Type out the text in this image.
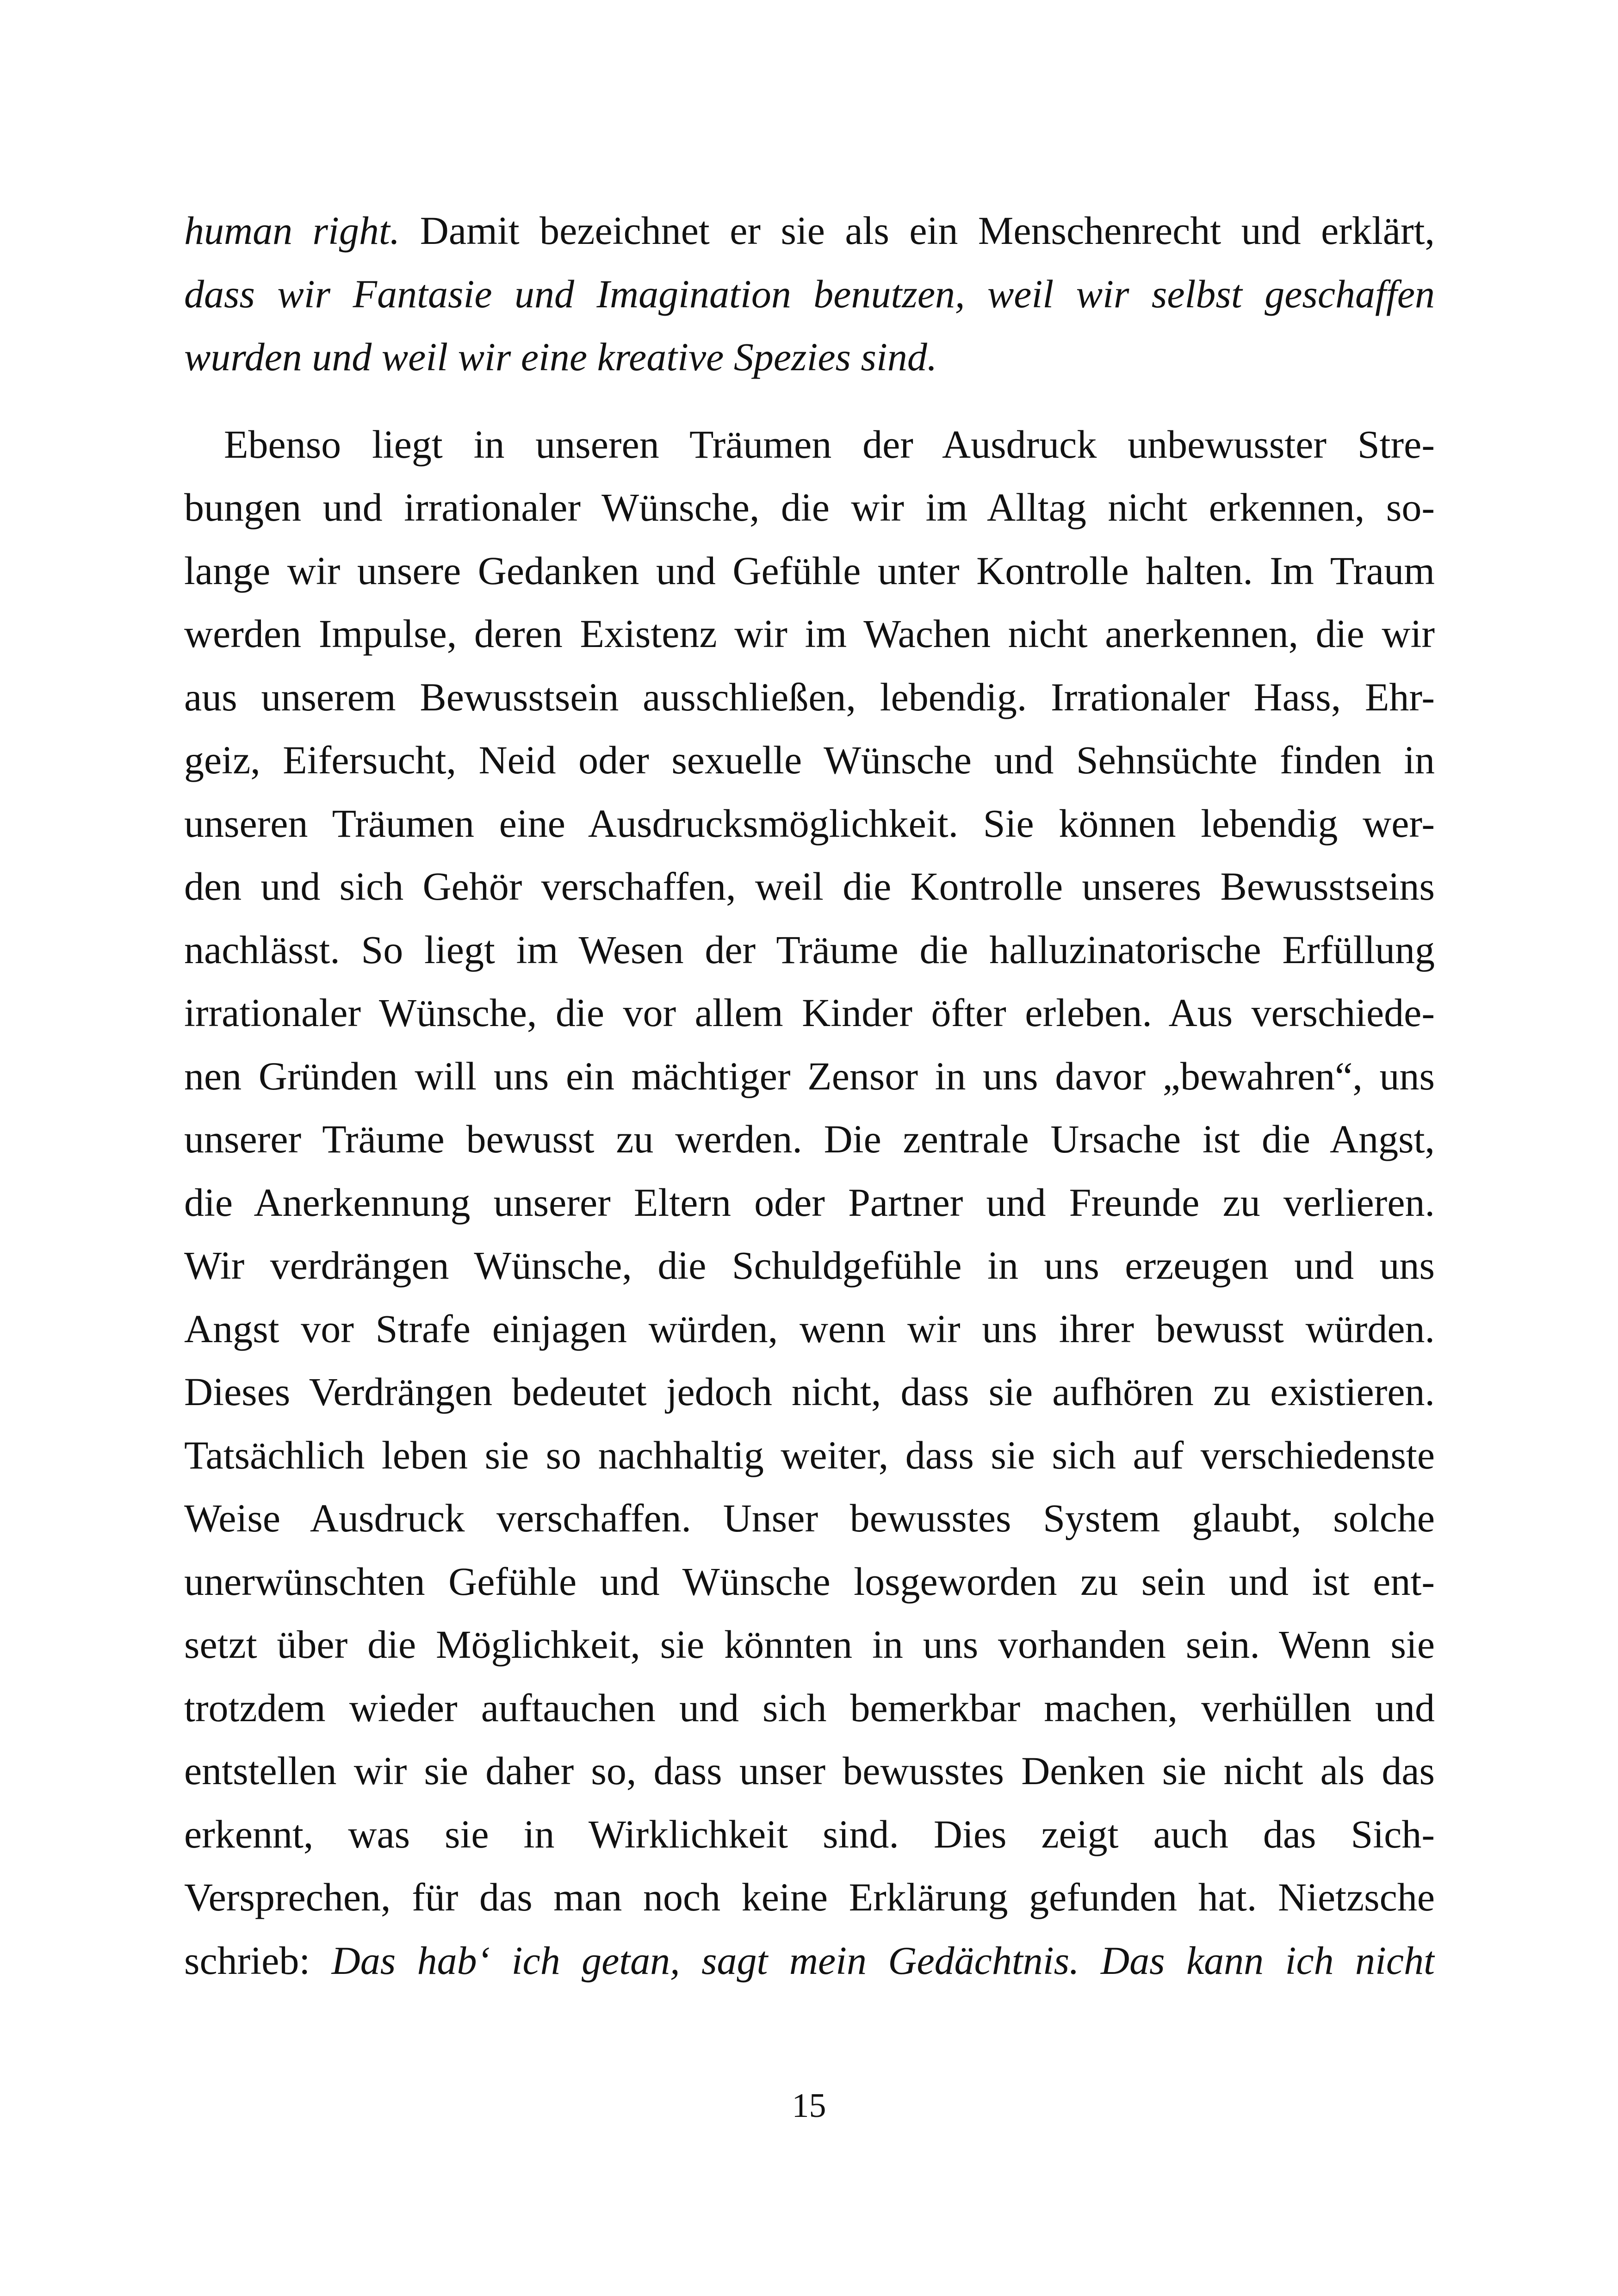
human right. Damit bezeichnet er sie als ein Menschenrecht und erklärt,
dass wir Fantasie und Imagination benutzen, weil wir selbst geschaffen
wurden und weil wir eine kreative Spezies sind.
Ebenso liegt in unseren Träumen der Ausdruck unbewusster Stre-
bungen und irrationaler Wünsche, die wir im Alltag nicht erkennen, so-
lange wir unsere Gedanken und Gefühle unter Kontrolle halten. Im Traum
werden Impulse, deren Existenz wir im Wachen nicht anerkennen, die wir
aus unserem Bewusstsein ausschließen, lebendig. Irrationaler Hass, Ehr-
geiz, Eifersucht, Neid oder sexuelle Wünsche und Sehnsüchte finden in
unseren Träumen eine Ausdrucksmöglichkeit. Sie können lebendig wer-
den und sich Gehör verschaffen, weil die Kontrolle unseres Bewusstseins
nachlässt. So liegt im Wesen der Träume die halluzinatorische Erfüllung
irrationaler Wünsche, die vor allem Kinder öfter erleben. Aus verschiede-
nen Gründen will uns ein mächtiger Zensor in uns davor „bewahren“, uns
unserer Träume bewusst zu werden. Die zentrale Ursache ist die Angst,
die Anerkennung unserer Eltern oder Partner und Freunde zu verlieren.
Wir verdrängen Wünsche, die Schuldgefühle in uns erzeugen und uns
Angst vor Strafe einjagen würden, wenn wir uns ihrer bewusst würden.
Dieses Verdrängen bedeutet jedoch nicht, dass sie aufhören zu existieren.
Tatsächlich leben sie so nachhaltig weiter, dass sie sich auf verschiedenste
Weise Ausdruck verschaffen. Unser bewusstes System glaubt, solche
unerwünschten Gefühle und Wünsche losgeworden zu sein und ist ent-
setzt über die Möglichkeit, sie könnten in uns vorhanden sein. Wenn sie
trotzdem wieder auftauchen und sich bemerkbar machen, verhüllen und
entstellen wir sie daher so, dass unser bewusstes Denken sie nicht als das
erkennt, was sie in Wirklichkeit sind. Dies zeigt auch das Sich-
Versprechen, für das man noch keine Erklärung gefunden hat. Nietzsche
schrieb: Das hab‘ ich getan, sagt mein Gedächtnis. Das kann ich nicht
15
